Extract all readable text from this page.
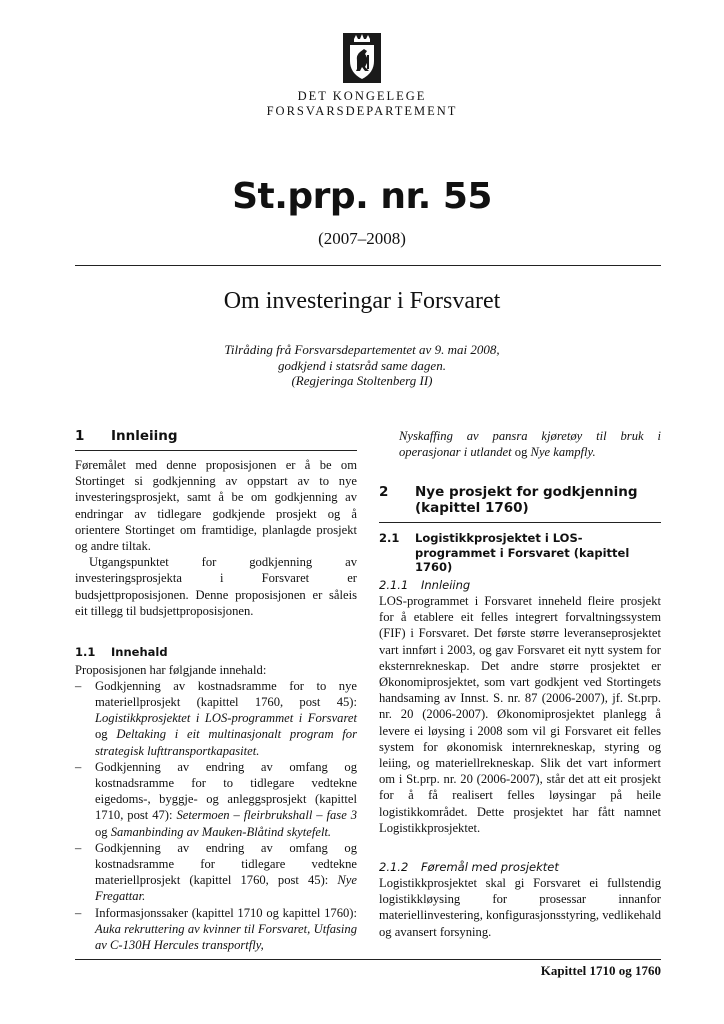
DET KONGELEGE
FORSVARSDEPARTEMENT
St.prp. nr. 55
(2007–2008)
Om investeringar i Forsvaret
Tilråding frå Forsvarsdepartementet av 9. mai 2008,
godkjend i statsråd same dagen.
(Regjeringa Stoltenberg II)
1	Innleiing

Føremålet med denne proposisjonen er å be om Stortinget si godkjenning av oppstart av to nye investeringsprosjekt, samt å be om godkjenning av endringar av tidlegare godkjende prosjekt og å orientere Stortinget om framtidige, planlagde prosjekt og andre tiltak.

Utgangspunktet for godkjenning av investeringsprosjekta i Forsvaret er budsjettproposisjonen. Denne proposisjonen er såleis eit tillegg til budsjettproposisjonen.

1.1	Innehald

Proposisjonen har følgjande innehald:

– Godkjenning av kostnadsramme for to nye materiellprosjekt (kapittel 1760, post 45): Logistikkprosjektet i LOS-programmet i Forsvaret og Deltaking i eit multinasjonalt program for strategisk lufttransportkapasitet.
– Godkjenning av endring av omfang og kostnadsramme for to tidlegare vedtekne eigedoms-, byggje- og anleggsprosjekt (kapittel 1710, post 47): Setermoen – fleirbrukshall – fase 3 og Samanbinding av Mauken-Blåtind skytefelt.
– Godkjenning av endring av omfang og kostnadsramme for tidlegare vedtekne materiellprosjekt (kapittel 1760, post 45): Nye Fregattar.
– Informasjonssaker (kapittel 1710 og kapittel 1760): Auka rekruttering av kvinner til Forsvaret, Utfasing av C-130H Hercules transportfly,
Nyskaffing av pansra kjøretøy til bruk i operasjonar i utlandet og Nye kampfly.
2	Nye prosjekt for godkjenning (kapittel 1760)
2.1	Logistikkprosjektet i LOS-programmet i Forsvaret (kapittel 1760)
2.1.1	Innleiing

LOS-programmet i Forsvaret inneheld fleire prosjekt for å etablere eit felles integrert forvaltningssystem (FIF) i Forsvaret. Det første større leveranseprosjektet vart innført i 2003, og gav Forsvaret eit nytt system for eksternrekneskap. Det andre større prosjektet er Økonomiprosjektet, som vart godkjent ved Stortingets handsaming av Innst. S. nr. 87 (2006-2007), jf. St.prp. nr. 20 (2006-2007). Økonomiprosjektet planlegg å levere ei løysing i 2008 som vil gi Forsvaret eit felles system for økonomisk internrekneskap, styring og leiing, og materiellrekneskap. Slik det vart informert om i St.prp. nr. 20 (2006-2007), står det att eit prosjekt for å få realisert felles løysingar på heile logistikkområdet. Dette prosjektet har fått namnet Logistikkprosjektet.

2.1.2	Føremål med prosjektet

Logistikkprosjektet skal gi Forsvaret ei fullstendig logistikkløysing for prosessar innanfor materiellinvestering, konfigurasjonsstyring, vedlikehald og avansert forsyning.

Kapittel 1710 og 1760
